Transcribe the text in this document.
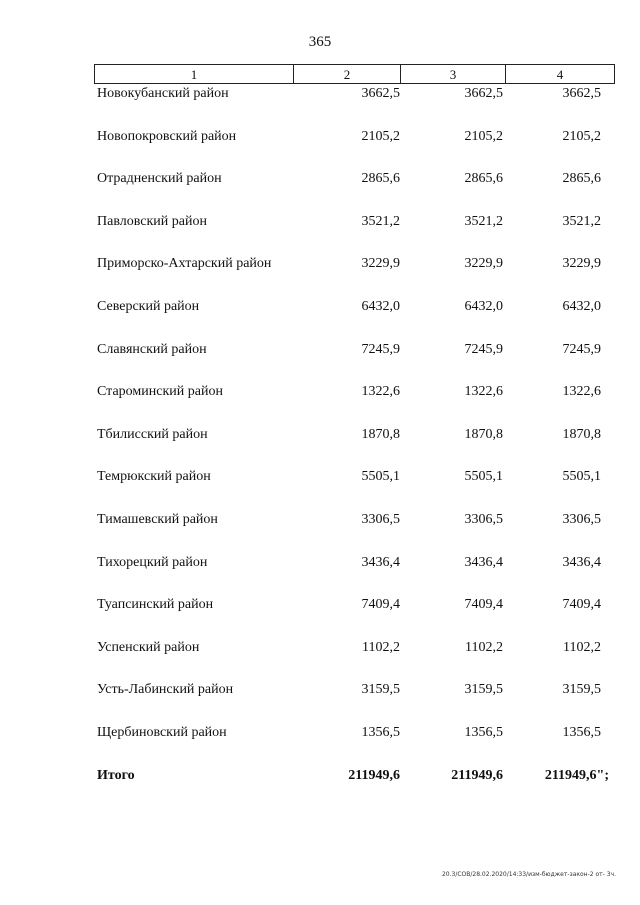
365
1	2	3	4
Новокубанский район	3662,5	3662,5	3662,5
Новопокровский район	2105,2	2105,2	2105,2
Отрадненский район	2865,6	2865,6	2865,6
Павловский район	3521,2	3521,2	3521,2
Приморско-Ахтарский район	3229,9	3229,9	3229,9
Северский район	6432,0	6432,0	6432,0
Славянский район	7245,9	7245,9	7245,9
Староминский район	1322,6	1322,6	1322,6
Тбилисский район	1870,8	1870,8	1870,8
Темрюкский район	5505,1	5505,1	5505,1
Тимашевский район	3306,5	3306,5	3306,5
Тихорецкий район	3436,4	3436,4	3436,4
Туапсинский район	7409,4	7409,4	7409,4
Успенский район	1102,2	1102,2	1102,2
Усть-Лабинский район	3159,5	3159,5	3159,5
Щербиновский район	1356,5	1356,5	1356,5
Итого	211949,6	211949,6	211949,6";
20.3/СОВ/28.02.2020/14:33/изм-бюджет-закон-2 от- 3ч.
